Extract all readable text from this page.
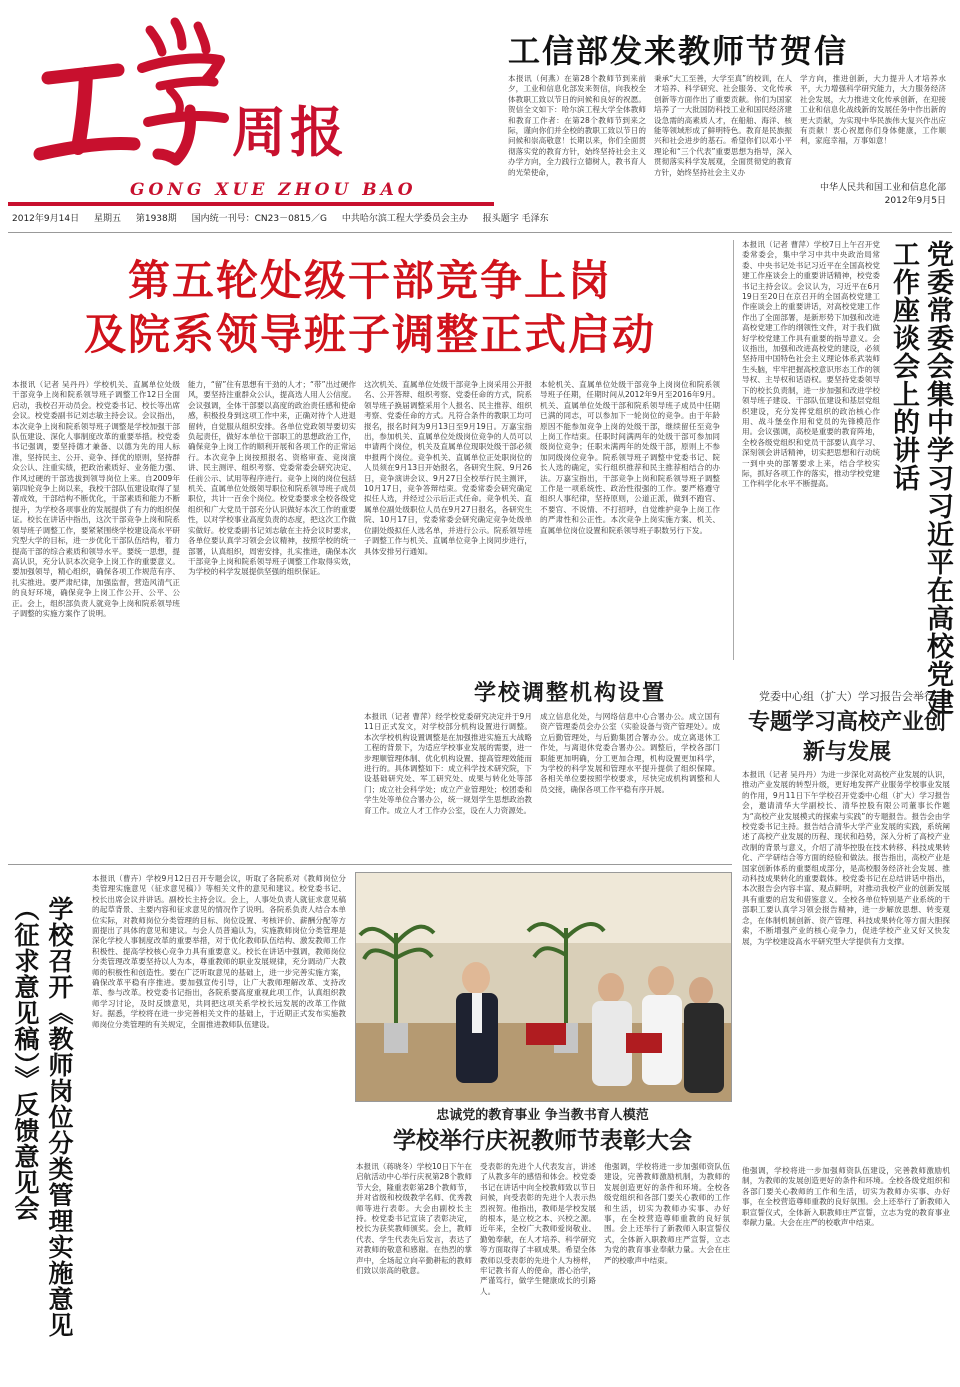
周报
GONG XUE ZHOU BAO
2012年9月14日 星期五 第1938期 国内统一刊号：CN23－0815／G 中共哈尔滨工程大学委员会主办 报头题字 毛泽东
工信部发来教师节贺信
本报讯（何燕）在第28个教师节到来前夕，工业和信息化部发来贺信，向我校全体教职工致以节日的问候和良好的祝愿。贺信全文如下：哈尔滨工程大学全体教师和教育工作者：在第28个教师节到来之际，谨向你们并全校的教职工致以节日的问候和崇高敬意！长期以来，你们全面贯彻落实党的教育方针，始终坚持社会主义办学方向，全力践行立德树人，教书育人的光荣使命，
秉承“大工至善，大学至真”的校训，在人才培养、科学研究、社会服务、文化传承创新等方面作出了重要贡献。你们为国家培养了一大批国防科技工业和国民经济建设急需的高素质人才，在船舶、海洋、核能等领域形成了鲜明特色。教育是民族振兴和社会进步的基石。希望你们以邓小平理论和“三个代表”重要思想为指导，深入贯彻落实科学发展观，全面贯彻党的教育方针，始终坚持社会主义办
学方向，推进创新，大力提升人才培养水平，大力增强科学研究能力，大力服务经济社会发展，大力推进文化传承创新，在迎接工业和信息化战线新的发展任务中作出新的更大贡献，为实现中华民族伟大复兴作出应有贡献！衷心祝愿你们身体健康，工作顺利，家庭幸福，万事如意！
中华人民共和国工业和信息化部
2012年9月5日
第五轮处级干部竞争上岗
及院系领导班子调整正式启动
本报讯（记者 吴丹丹）学校机关、直属单位处级干部竞争上岗和院系领导班子调整工作12日全面启动，我校召开动员会。校党委书记、校长等出席会议。校党委副书记刘志敏主持会议。会议指出，本次竞争上岗和院系领导班子调整是学校加强干部队伍建设、深化人事制度改革的重要举措。校党委书记强调，要坚持德才兼备、以德为先的用人标准，坚持民主、公开、竞争、择优的原则，坚持群众公认、注重实绩，把政治素质好、业务能力强、作风过硬的干部选拔到领导岗位上来。自2009年第四轮竞争上岗以来，我校干部队伍建设取得了显著成效，干部结构不断优化，干部素质和能力不断提升，为学校各项事业的发展提供了有力的组织保证。校长在讲话中指出，这次干部竞争上岗和院系领导班子调整工作，要紧紧围绕学校建设高水平研究型大学的目标，进一步优化干部队伍结构，着力提高干部的综合素质和领导水平。要统一思想，提高认识，充分认识本次竞争上岗工作的重要意义。要加强领导，精心组织，确保各项工作规范有序、扎实推进。要严肃纪律，加强监督，营造风清气正的良好环境，确保竞争上岗工作公开、公平、公正。会上，组织部负责人就竞争上岗和院系领导班子调整的实施方案作了说明。
能力，“留”住有思想有干劲的人才；“带”出过硬作风，要坚持注重群众公认，提高选人用人公信度。会议强调，全体干部要以高度的政治责任感和使命感，积极投身到这项工作中来，正确对待个人进退留转，自觉服从组织安排。各单位党政领导要切实负起责任，做好本单位干部职工的思想政治工作，确保竞争上岗工作的顺利开展和各项工作的正常运行。本次竞争上岗按照报名、资格审查、竞岗演讲、民主测评、组织考察、党委常委会研究决定、任前公示、试用等程序进行。竞争上岗的岗位包括机关、直属单位处级领导职位和院系领导班子成员职位，共计一百余个岗位。校党委要求全校各级党组织和广大党员干部充分认识做好本次工作的重要性，以对学校事业高度负责的态度，把这次工作做实做好。校党委副书记刘志敏在主持会议时要求，各单位要认真学习领会会议精神，按照学校的统一部署，认真组织，周密安排，扎实推进，确保本次干部竞争上岗和院系领导班子调整工作取得实效，为学校的科学发展提供坚强的组织保证。
这次机关、直属单位处级干部竞争上岗采用公开报名、公开答辩、组织考察、党委任命的方式，院系领导班子换届调整采用个人报名、民主推荐、组织考察、党委任命的方式。凡符合条件的教职工均可报名，报名时间为9月13日至9月19日。万嘉宝指出，参加机关、直属单位处级岗位竞争的人员可以申请两个岗位，机关及直属单位现职处级干部必须申报两个岗位。竞争机关、直属单位正处职岗位的人员须在9月13日开始报名，各研究生院、9月26日，竞争演讲会议、9月27日全校举行民主测评，10月17日，竞争答辩结束。党委常委会研究确定拟任人选，并经过公示后正式任命。竞争机关、直属单位副处级职位人员在9月27日报名，各研究生院、10月17日，党委常委会研究确定竞争处级单位副处级拟任人选名单，并进行公示。院系领导班子调整工作与机关、直属单位竞争上岗同步进行，具体安排另行通知。
本轮机关、直属单位处级干部竞争上岗岗位和院系领导班子任期，任期时间从2012年9月至2016年9月。机关、直属单位处级干部和院系领导班子成员中任期已满的同志，可以参加下一轮岗位的竞争。由于年龄原因不能参加竞争上岗的处级干部，继续留任至竞争上岗工作结束。任职时间满两年的处级干部可参加同级岗位竞争；任职未满两年的处级干部，原则上不参加同级岗位竞争。院系领导班子调整中党委书记、院长人选的确定，实行组织推荐和民主推荐相结合的办法。万嘉宝指出，干部竞争上岗和院系领导班子调整工作是一项系统性、政治性很强的工作。要严格遵守组织人事纪律，坚持原则，公道正派，做到不跑官、不要官、不说情、不打招呼，自觉维护竞争上岗工作的严肃性和公正性。本次竞争上岗实施方案、机关、直属单位岗位设置和院系领导班子职数另行下发。	党委常委会集中学习习近平在高校党建工作座谈会上的讲话
本报讯（记者 曹萍）学校7日上午召开党委常委会，集中学习中共中央政治局常委、中央书记处书记习近平在全国高校党建工作座谈会上的重要讲话精神，校党委书记主持会议。会议认为，习近平在6月19日至20日在京召开的全国高校党建工作座谈会上的重要讲话，对高校党建工作作出了全面部署，是新形势下加强和改进高校党建工作的纲领性文件，对于我们做好学校党建工作具有重要的指导意义。会议指出，加强和改进高校党的建设，必须坚持用中国特色社会主义理论体系武装师生头脑，牢牢把握高校意识形态工作的领导权、主导权和话语权。要坚持党委领导下的校长负责制，进一步加强和改进学校领导班子建设、干部队伍建设和基层党组织建设，充分发挥党组织的政治核心作用、战斗堡垒作用和党员的先锋模范作用。会议强调，高校是重要的教育阵地，全校各级党组织和党员干部要认真学习、深刻领会讲话精神，切实把思想和行动统一到中央的部署要求上来，结合学校实际，抓好各项工作的落实，推动学校党建工作科学化水平不断提高。
学校调整机构设置
本报讯（记者 曹萍）经学校党委研究决定并于9月11日正式发文，对学校部分机构设置进行调整。本次学校机构设置调整是在加强推进实施五大战略工程的背景下，为适应学校事业发展的需要，进一步理顺管理体制、优化机构设置、提高管理效能而进行的。具体调整如下：成立科学技术研究院，下设基础研究处、军工研究处、成果与转化处等部门；成立社会科学处；成立产业管理处；校团委和学生处等单位合署办公，统一规划学生思想政治教育工作。成立人才工作办公室，设在人力资源处。
成立信息化处，与网络信息中心合署办公。成立国有资产管理委员会办公室（实验设备与资产管理处）。成立后勤管理处，与后勤集团合署办公。成立离退休工作处，与离退休党委合署办公。调整后，学校各部门职能更加明确，分工更加合理，机构设置更加科学，为学校的科学发展和管理水平提升提供了组织保障。各相关单位要按照学校要求，尽快完成机构调整和人员交接，确保各项工作平稳有序开展。
党委中心组（扩大）学习报告会举行
专题学习高校产业创新与发展
本报讯（记者 吴丹丹）为进一步深化对高校产业发展的认识，推动产业发展的转型升级，更好地发挥产业服务学校事业发展的作用，9月11日下午学校召开党委中心组（扩大）学习报告会，邀请清华大学副校长、清华控股有限公司董事长作题为“高校产业发展模式的探索与实践”的专题报告。报告会由学校党委书记主持。报告结合清华大学产业发展的实践，系统阐述了高校产业发展的历程、现状和趋势，深入分析了高校产业改制的背景与意义，介绍了清华控股在技术转移、科技成果转化、产学研结合等方面的经验和做法。报告指出，高校产业是国家创新体系的重要组成部分，是高校服务经济社会发展、推动科技成果转化的重要载体。校党委书记在总结讲话中指出，本次报告会内容丰富、观点鲜明，对推动我校产业的创新发展具有重要的启发和借鉴意义。全校各单位特别是产业系统的干部职工要认真学习领会报告精神，进一步解放思想、转变观念，在体制机制创新、资产管理、科技成果转化等方面大胆探索，不断增强产业的核心竞争力，促进学校产业又好又快发展，为学校建设高水平研究型大学提供有力支撑。
学校召开《教师岗位分类管理实施意见（征求意见稿）》反馈意见会
本报讯（曹卉）学校9月12日召开专题会议，听取了各院系对《教师岗位分类管理实施意见（征求意见稿）》等相关文件的意见和建议。校党委书记、校长出席会议并讲话。副校长主持会议。会上，人事处负责人就征求意见稿的起草背景、主要内容和征求意见的情况作了说明。各院系负责人结合本单位实际，对教师岗位分类管理的目标、岗位设置、考核评价、薪酬分配等方面提出了具体的意见和建议。与会人员普遍认为，实施教师岗位分类管理是深化学校人事制度改革的重要举措，对于优化教师队伍结构、激发教师工作积极性、提高学校核心竞争力具有重要意义。校长在讲话中强调，教师岗位分类管理改革要坚持以人为本，尊重教师的职业发展规律，充分调动广大教师的积极性和创造性。要在广泛听取意见的基础上，进一步完善实施方案，确保改革平稳有序推进。要加强宣传引导，让广大教师理解改革、支持改革、参与改革。校党委书记指出，各院系要高度重视此项工作，认真组织教师学习讨论，及时反馈意见，共同把这项关系学校长远发展的改革工作做好。据悉，学校将在进一步完善相关文件的基础上，于近期正式发布实施教师岗位分类管理的有关规定，全面推进教师队伍建设。
忠诚党的教育事业 争当教书育人模范
学校举行庆祝教师节表彰大会
本报讯（蒋晓冬）学校10日下午在启航活动中心举行庆祝第28个教师节大会，隆重表彰第28个教师节，并对省级和校级教学名师、优秀教师等进行表彰。大会由副校长主持。校党委书记宣读了表彰决定，校长为获奖教师颁奖。会上，教师代表、学生代表先后发言，表达了对教师的敬意和感谢。在热烈的掌声中，全场起立向辛勤耕耘的教师们致以崇高的敬意。
受表彰的先进个人代表发言，讲述了从教多年的感悟和体会。校党委书记在讲话中向全校教师致以节日问候，向受表彰的先进个人表示热烈祝贺。他指出，教师是学校发展的根本，是立校之本、兴校之源。近年来，全校广大教师爱岗敬业、勤勉奉献，在人才培养、科学研究等方面取得了丰硕成果。希望全体教师以受表彰的先进个人为榜样，牢记教书育人的使命，潜心治学，严谨笃行，做学生健康成长的引路人。
他强调，学校将进一步加强师资队伍建设，完善教师激励机制，为教师的发展创造更好的条件和环境。全校各级党组织和各部门要关心教师的工作和生活，切实为教师办实事、办好事，在全校营造尊师重教的良好氛围。会上还举行了新教师入职宣誓仪式，全体新入职教师庄严宣誓，立志为党的教育事业奉献力量。大会在庄严的校歌声中结束。
他强调，学校将进一步加强师资队伍建设，完善教师激励机制，为教师的发展创造更好的条件和环境。全校各级党组织和各部门要关心教师的工作和生活，切实为教师办实事、办好事，在全校营造尊师重教的良好氛围。会上还举行了新教师入职宣誓仪式，全体新入职教师庄严宣誓，立志为党的教育事业奉献力量。大会在庄严的校歌声中结束。
